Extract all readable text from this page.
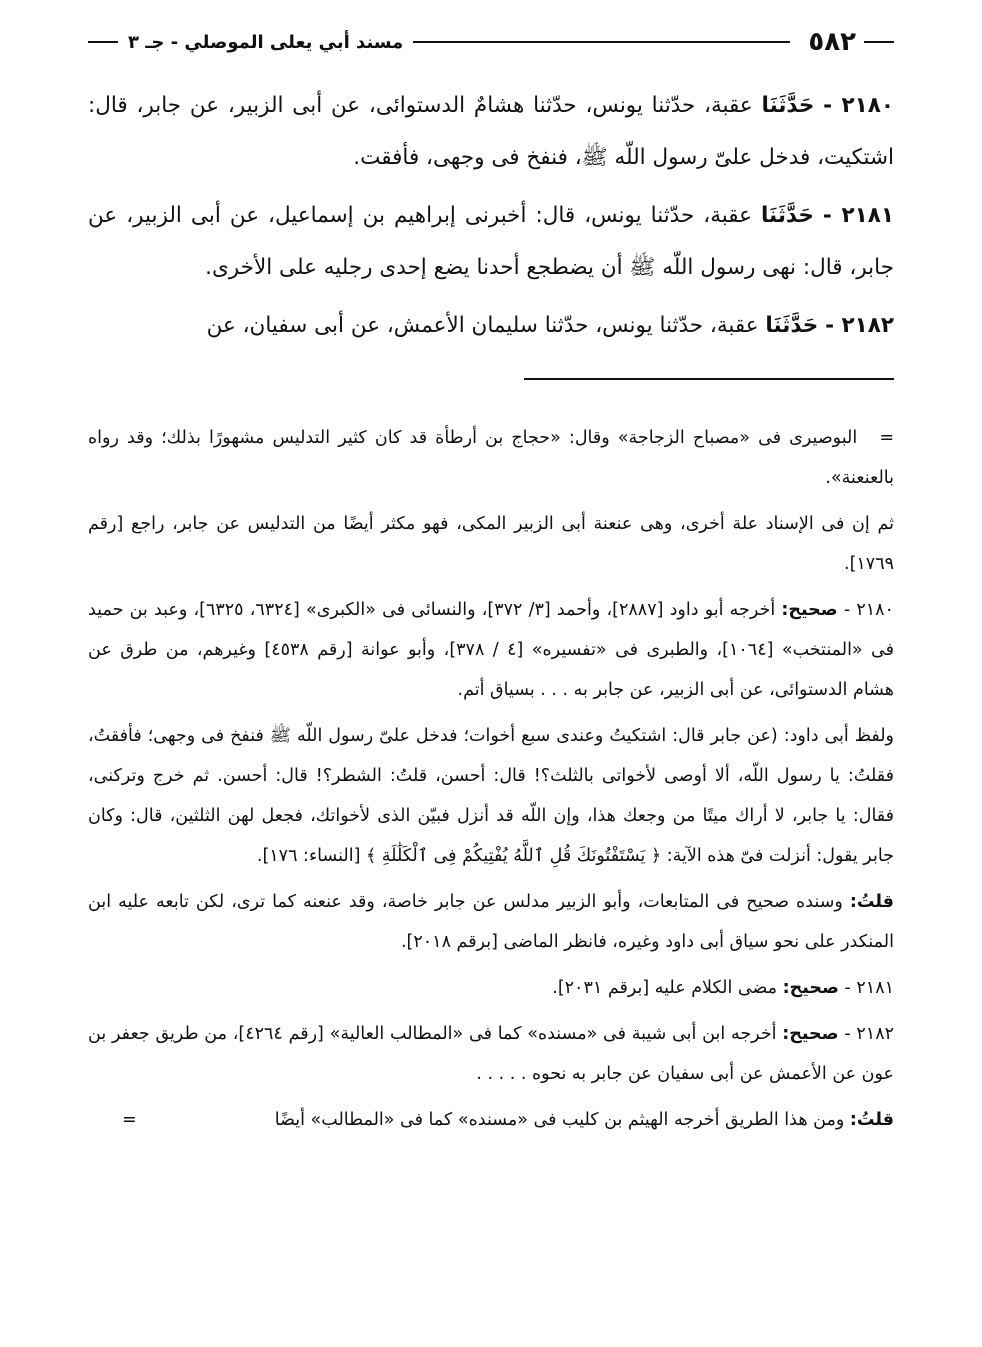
٥٨٢
مسند أبي يعلى الموصلي - جـ ٣

٢١٨٠ - حَدَّثَنَا عقبة، حدّثنا يونس، حدّثنا هشامٌ الدستوائى، عن أبى الزبير، عن جابر، قال: اشتكيت، فدخل علىّ رسول اللّه ﷺ، فنفخ فى وجهى، فأفقت.

٢١٨١ - حَدَّثَنَا عقبة، حدّثنا يونس، قال: أخبرنى إبراهيم بن إسماعيل، عن أبى الزبير، عن جابر، قال: نهى رسول اللّه ﷺ أن يضطجع أحدنا يضع إحدى رجليه على الأخرى.

٢١٨٢ - حَدَّثَنَا عقبة، حدّثنا يونس، حدّثنا سليمان الأعمش، عن أبى سفيان، عن

= البوصيرى فى «مصباح الزجاجة» وقال: «حجاج بن أرطأة قد كان كثير التدليس مشهورًا بذلك؛ وقد رواه بالعنعنة».

ثم إن فى الإسناد علة أخرى، وهى عنعنة أبى الزبير المكى، فهو مكثر أيضًا من التدليس عن جابر، راجع [رقم ١٧٦٩].

٢١٨٠ - صحيح: أخرجه أبو داود [٢٨٨٧]، وأحمد [٣/ ٣٧٢]، والنسائى فى «الكبرى» [٦٣٢٤، ٦٣٢٥]، وعبد بن حميد فى «المنتخب» [١٠٦٤]، والطبرى فى «تفسيره» [٤ / ٣٧٨]، وأبو عوانة [رقم ٤٥٣٨] وغيرهم، من طرق عن هشام الدستوائى، عن أبى الزبير، عن جابر به . . . بسياق أتم.

ولفظ أبى داود: (عن جابر قال: اشتكيتُ وعندى سبع أخوات؛ فدخل علىّ رسول اللّه ﷺ فنفخ فى وجهى؛ فأفقتُ، فقلتُ: يا رسول اللّه، ألا أوصى لأخواتى بالثلث؟! قال: أحسن، قلتُ: الشطر؟! قال: أحسن. ثم خرج وتركنى، فقال: يا جابر، لا أراك ميتًا من وجعك هذا، وإن اللّه قد أنزل فبيّن الذى لأخواتك، فجعل لهن الثلثين، قال: وكان جابر يقول: أنزلت فىّ هذه الآية: ﴿ يَسْتَفْتُونَكَ قُلِ ٱللَّهُ يُفْتِيكُمْ فِى ٱلْكَلَٰلَةِ ﴾ [النساء: ١٧٦].

قلتُ: وسنده صحيح فى المتابعات، وأبو الزبير مدلس عن جابر خاصة، وقد عنعنه كما ترى، لكن تابعه عليه ابن المنكدر على نحو سياق أبى داود وغيره، فانظر الماضى [برقم ٢٠١٨].

٢١٨١ - صحيح: مضى الكلام عليه [برقم ٢٠٣١].

٢١٨٢ - صحيح: أخرجه ابن أبى شيبة فى «مسنده» كما فى «المطالب العالية» [رقم ٤٢٦٤]، من طريق جعفر بن عون عن الأعمش عن أبى سفيان عن جابر به نحوه . . . . .

قلتُ: ومن هذا الطريق أخرجه الهيثم بن كليب فى «مسنده» كما فى «المطالب» أيضًا
=
